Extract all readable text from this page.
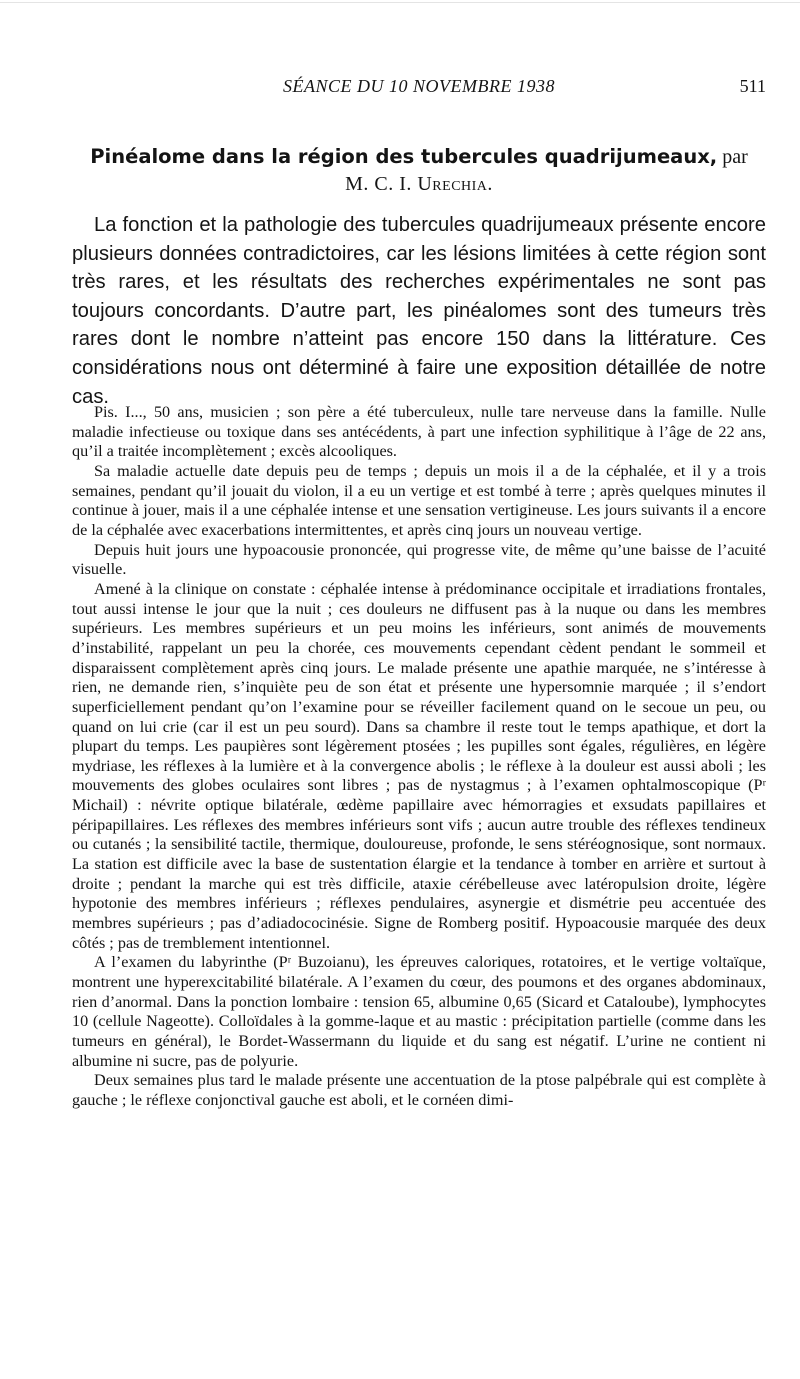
SÉANCE DU 10 NOVEMBRE 1938	511
Pinéalome dans la région des tubercules quadrijumeaux, par
M. C. I. Urechia.

La fonction et la pathologie des tubercules quadrijumeaux présente encore plusieurs données contradictoires, car les lésions limitées à cette région sont très rares, et les résultats des recherches expérimentales ne sont pas toujours concordants. D’autre part, les pinéalomes sont des tumeurs très rares dont le nombre n’atteint pas encore 150 dans la littérature. Ces considérations nous ont déterminé à faire une exposition détaillée de notre cas.

Pis. I..., 50 ans, musicien ; son père a été tuberculeux, nulle tare nerveuse dans la famille. Nulle maladie infectieuse ou toxique dans ses antécédents, à part une infection syphilitique à l’âge de 22 ans, qu’il a traitée incomplètement ; excès alcooliques.

Sa maladie actuelle date depuis peu de temps ; depuis un mois il a de la céphalée, et il y a trois semaines, pendant qu’il jouait du violon, il a eu un vertige et est tombé à terre ; après quelques minutes il continue à jouer, mais il a une céphalée intense et une sensation vertigineuse. Les jours suivants il a encore de la céphalée avec exacerbations intermittentes, et après cinq jours un nouveau vertige.

Depuis huit jours une hypoacousie prononcée, qui progresse vite, de même qu’une baisse de l’acuité visuelle.

Amené à la clinique on constate : céphalée intense à prédominance occipitale et irradiations frontales, tout aussi intense le jour que la nuit ; ces douleurs ne diffusent pas à la nuque ou dans les membres supérieurs. Les membres supérieurs et un peu moins les inférieurs, sont animés de mouvements d’instabilité, rappelant un peu la chorée, ces mouvements cependant cèdent pendant le sommeil et disparaissent complètement après cinq jours. Le malade présente une apathie marquée, ne s’intéresse à rien, ne demande rien, s’inquiète peu de son état et présente une hypersomnie marquée ; il s’endort superficiellement pendant qu’on l’examine pour se réveiller facilement quand on le secoue un peu, ou quand on lui crie (car il est un peu sourd). Dans sa chambre il reste tout le temps apathique, et dort la plupart du temps. Les paupières sont légèrement ptosées ; les pupilles sont égales, régulières, en légère mydriase, les réflexes à la lumière et à la convergence abolis ; le réflexe à la douleur est aussi aboli ; les mouvements des globes oculaires sont libres ; pas de nystagmus ; à l’examen ophtalmoscopique (Pʳ Michail) : névrite optique bilatérale, œdème papillaire avec hémorragies et exsudats papillaires et péripapillaires. Les réflexes des membres inférieurs sont vifs ; aucun autre trouble des réflexes tendineux ou cutanés ; la sensibilité tactile, thermique, douloureuse, profonde, le sens stéréognosique, sont normaux. La station est difficile avec la base de sustentation élargie et la tendance à tomber en arrière et surtout à droite ; pendant la marche qui est très difficile, ataxie cérébelleuse avec latéropulsion droite, légère hypotonie des membres inférieurs ; réflexes pendulaires, asynergie et dismétrie peu accentuée des membres supérieurs ; pas d’adiadococinésie. Signe de Romberg positif. Hypoacousie marquée des deux côtés ; pas de tremblement intentionnel.

A l’examen du labyrinthe (Pʳ Buzoianu), les épreuves caloriques, rotatoires, et le vertige voltaïque, montrent une hyperexcitabilité bilatérale. A l’examen du cœur, des poumons et des organes abdominaux, rien d’anormal. Dans la ponction lombaire : tension 65, albumine 0,65 (Sicard et Cataloube), lymphocytes 10 (cellule Nageotte). Colloïdales à la gomme-laque et au mastic : précipitation partielle (comme dans les tumeurs en général), le Bordet-Wassermann du liquide et du sang est négatif. L’urine ne contient ni albumine ni sucre, pas de polyurie.

Deux semaines plus tard le malade présente une accentuation de la ptose palpébrale qui est complète à gauche ; le réflexe conjonctival gauche est aboli, et le cornéen dimi-
